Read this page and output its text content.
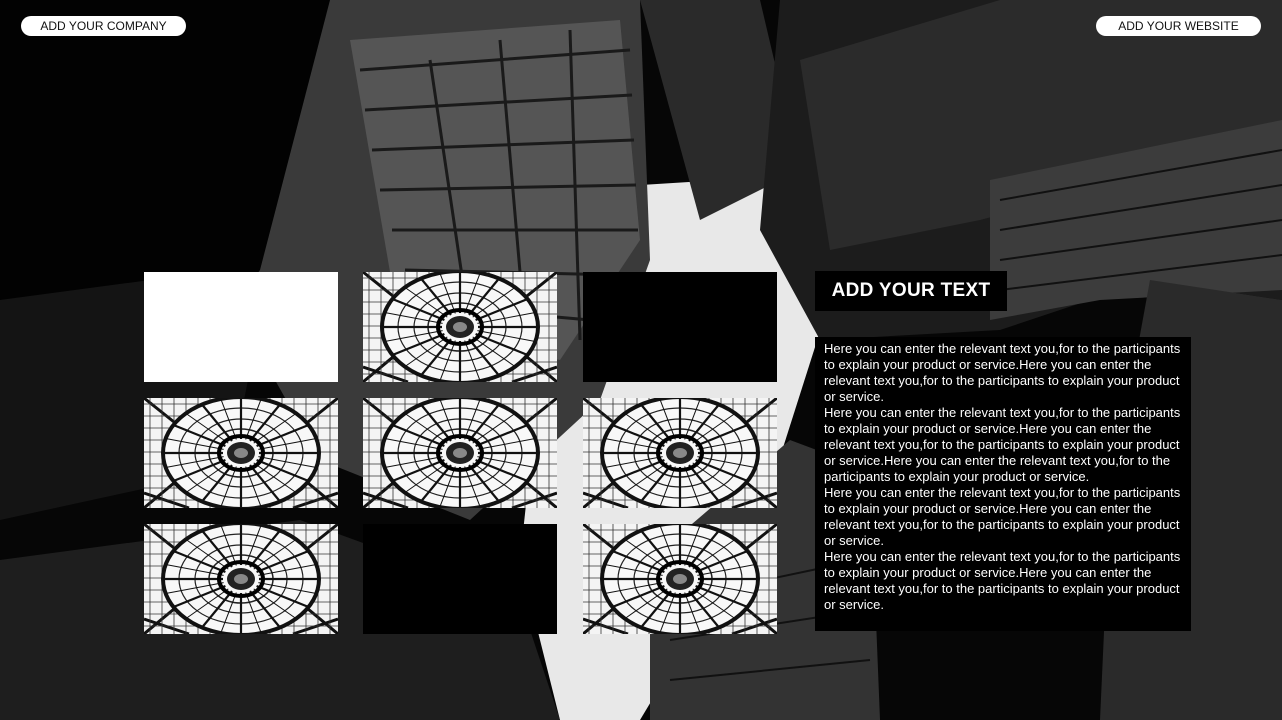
ADD YOUR COMPANY	ADD YOUR WEBSITE
ADD YOUR TEXT

Here you can enter the relevant text you,for to the participants to explain your product or service.Here you can enter the relevant text you,for to the participants to explain your product or service.

Here you can enter the relevant text you,for to the participants to explain your product or service.Here you can enter the relevant text you,for to the participants to explain your product or service.Here you can enter the relevant text you,for to the participants to explain your product or service.

Here you can enter the relevant text you,for to the participants to explain your product or service.Here you can enter the relevant text you,for to the participants to explain your product or service.

Here you can enter the relevant text you,for to the participants to explain your product or service.Here you can enter the relevant text you,for to the participants to explain your product or service.
